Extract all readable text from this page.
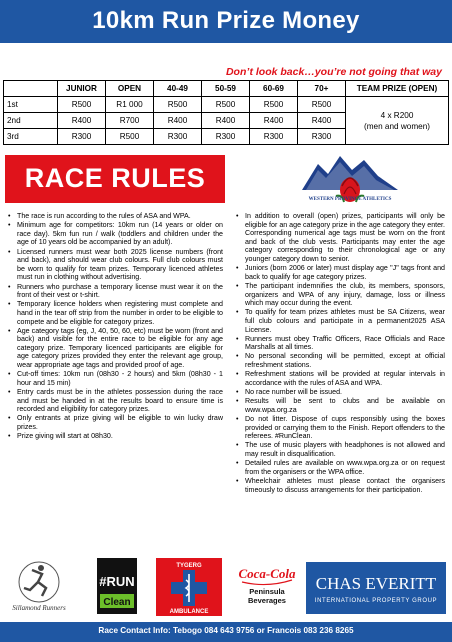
10km Run Prize Money
Don’t look back…you’re not going that way
	JUNIOR	OPEN	40-49	50-59	60-69	70+	TEAM PRIZE (OPEN)
1st	R500	R1 000	R500	R500	R500	R500	4 x R200
(men and women)

2nd	R400	R700	R400	R400	R400	R400	
3rd	R300	R500	R300	R300	R300	R300	
RACE RULES
WESTERN PROVINCE ATHLETICS
• The race is run according to the rules of ASA and WPA.
• Minimum age for competitors: 10km run (14 years or older on race day). 5km fun run / walk (toddlers and children under the age of 10 years old be accompanied by an adult).
• Licensed runners must wear both 2025 license numbers (front and back), and should wear club colours. Full club colours must be worn to qualify for team prizes. Temporary licenced athletes must run in clothing without advertising.
• Runners who purchase a temporary license must wear it on the front of their vest or t-shirt.
• Temporary licence holders when registering must complete and hand in the tear off strip from the number in order to be eligible to compete and be eligible for category prizes.
• Age category tags (eg, J, 40, 50, 60, etc) must be worn (front and back) and visible for the entire race to be eligible for any age category prize. Temporary licenced participants are eligible for age category prizes provided they enter the relevant age group, wear appropriate age tags and provided proof of age.
• Cut-off times: 10km run (08h30 - 2 hours) and 5km (08h30 - 1 hour and 15 min)
• Entry cards must be in the athletes possession during the race and must be handed in at the results board to ensure time is recorded and eligibility for category prizes.
• Only entrants at prize giving will be eligible to win lucky draw prizes.
• Prize giving will start at 08h30.
• In addition to overall (open) prizes, participants will only be eligible for an age category prize in the age category they enter. Corresponding numerical age tags must be worn on the front and back of the club vests. Participants may enter the age category corresponding to their chronological age or any younger category down to senior.
• Juniors (born 2006 or later) must display age "J" tags front and back to qualify for age category prizes.
• The participant indemnifies the club, its members, sponsors, organizers and WPA of any injury, damage, loss or illness which may occur during the event.
• To qualify for team prizes athletes must be SA Citizens, wear full club colours and participate in a permanent2025 ASA License.
• Runners must obey Traffic Officers, Race Officials and Race Marshalls at all times.
• No personal seconding will be permitted, except at official refreshment stations.
• Refreshment stations will be provided at regular intervals in accordance with the rules of ASA and WPA.
• No race number will be issued.
• Results will be sent to clubs and be available on www.wpa.org.za
• Do not litter. Dispose of cups responsibly using the boxes provided or carrying them to the Finish. Report offenders to the referees. #RunClean.
• The use of music players with headphones is not allowed and may result in disqualification.
• Detailed rules are available on www.wpa.org.za or on request from the organisers or the WPA office.
• Wheelchair athletes must please contact the organisers timeously to discuss arrangements for their participation.
Sillamond Runners
#RUN
Clean
TYGERG
AMBULANCE
Coca-Cola
Peninsula
Beverages
CHAS EVERITT
INTERNATIONAL PROPERTY GROUP
Race Contact Info: Tebogo 084 643 9756 or Francois 083 236 8265
